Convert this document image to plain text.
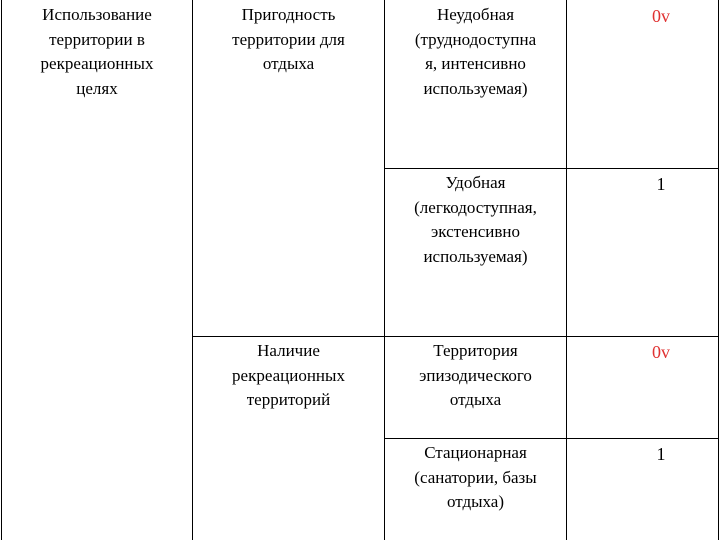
Использование
территории в
рекреационных
целях
Пригодность
территории для
отдыха
Неудобная
(труднодоступна
я, интенсивно
используемая)
0v
Удобная
(легкодоступная,
экстенсивно
используемая)
1
Наличие
рекреационных
территорий
Территория
эпизодического
отдыха
0v
Стационарная
(санатории, базы
отдыха)
1
